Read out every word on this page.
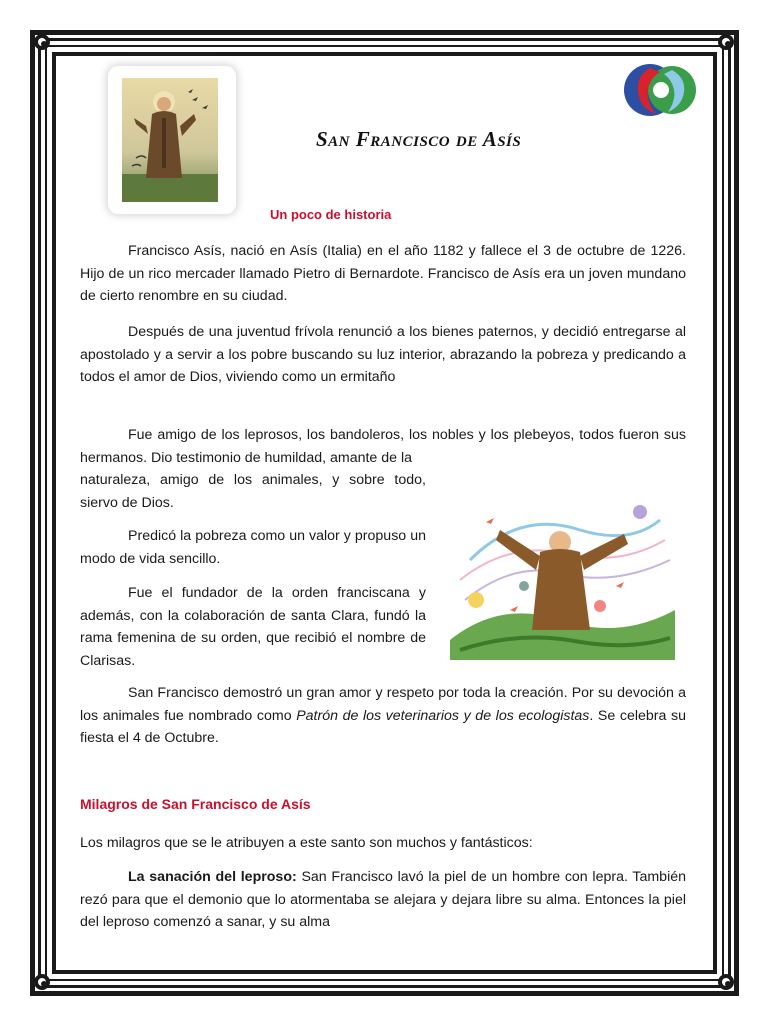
San Francisco de Asís
Un poco de historia

Francisco Asís, nació en Asís (Italia) en el año 1182 y fallece el 3 de octubre de 1226. Hijo de un rico mercader llamado Pietro di Bernardote. Francisco de Asís era un joven mundano de cierto renombre en su ciudad.

Después de una juventud frívola renunció a los bienes paternos, y decidió entregarse al apostolado y a servir a los pobre buscando su luz interior, abrazando la pobreza y predicando a todos el amor de Dios, viviendo como un ermitaño

Fue amigo de los leprosos, los bandoleros, los nobles y los plebeyos, todos fueron sus hermanos. Dio testimonio de humildad, amante de la

naturaleza, amigo de los animales, y sobre todo, siervo de Dios.

Predicó la pobreza como un valor y propuso un modo de vida sencillo.

Fue el fundador de la orden franciscana y además, con la colaboración de santa Clara, fundó la rama femenina de su orden, que recibió el nombre de Clarisas.

San Francisco demostró un gran amor y respeto por toda la creación. Por su devoción a los animales fue nombrado como Patrón de los veterinarios y de los ecologistas. Se celebra su fiesta el 4 de Octubre.

Milagros de San Francisco de Asís

Los milagros que se le atribuyen a este santo son muchos y fantásticos:

La sanación del leproso: San Francisco lavó la piel de un hombre con lepra. También rezó para que el demonio que lo atormentaba se alejara y dejara libre su alma. Entonces la piel del leproso comenzó a sanar, y su alma
